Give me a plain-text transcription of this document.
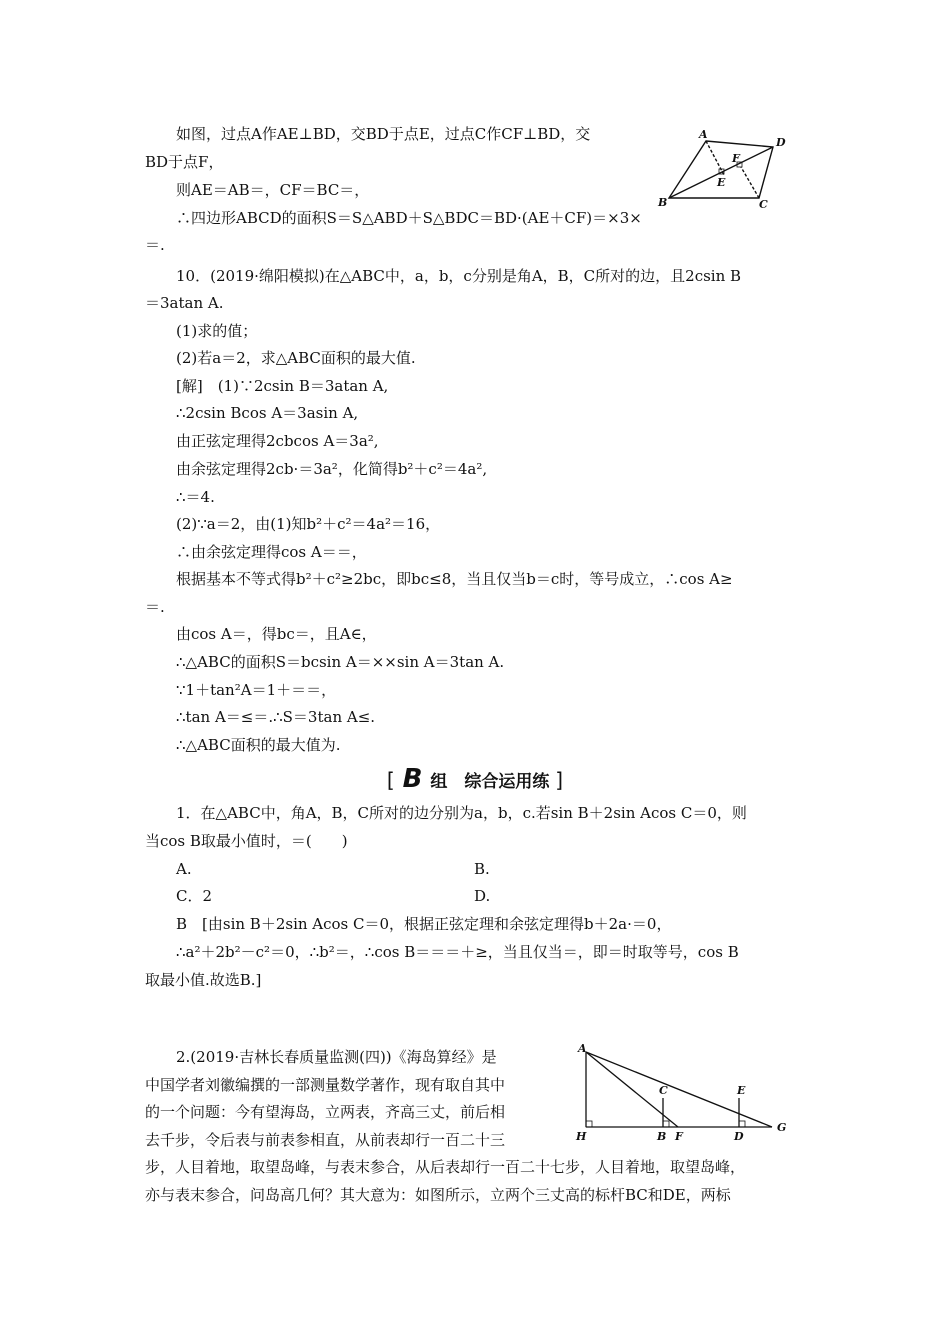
如图，过点A作AE⊥BD，交BD于点E，过点C作CF⊥BD，交
BD于点F，
则AE＝AB＝，CF＝BC＝，
∴四边形ABCD的面积S＝S△ABD＋S△BDC＝BD·(AE＋CF)＝×3×
＝.
A
D
F
E
B	C
10．(2019·绵阳模拟)在△ABC中，a，b，c分别是角A，B，C所对的边，且2csin B
＝3atan A.
(1)求的值；
(2)若a＝2，求△ABC面积的最大值.
[解]　(1)∵2csin B＝3atan A,
∴2csin Bcos A＝3asin A,
由正弦定理得2cbcos A＝3a²,
由余弦定理得2cb·＝3a²，化简得b²＋c²＝4a²,
∴＝4.
(2)∵a＝2，由(1)知b²＋c²＝4a²＝16，
∴由余弦定理得cos A＝＝，
根据基本不等式得b²＋c²≥2bc，即bc≤8，当且仅当b＝c时，等号成立，∴cos A≥
＝.
由cos A＝，得bc＝，且A∈，
∴△ABC的面积S＝bcsin A＝××sin A＝3tan A.
∵1＋tan²A＝1＋＝＝，
∴tan A＝≤＝.∴S＝3tan A≤.
∴△ABC面积的最大值为.
[ B 组　综合运用练 ]
1．在△ABC中，角A，B，C所对的边分别为a，b，c.若sin B＋2sin Acos C＝0，则
当cos B取最小值时，＝(　　)
A.	B.
C．2	D.
B　[由sin B＋2sin Acos C＝0，根据正弦定理和余弦定理得b＋2a·＝0，
∴a²＋2b²－c²＝0，∴b²＝，∴cos B＝＝＝＋≥，当且仅当＝，即＝时取等号，cos B
取最小值.故选B.]
2.(2019·吉林长春质量监测(四))《海岛算经》是
中国学者刘徽编撰的一部测量数学著作，现有取自其中
的一个问题：今有望海岛，立两表，齐高三丈，前后相
去千步，令后表与前表参相直，从前表却行一百二十三
步，人目着地，取望岛峰，与表末参合，从后表却行一百二十七步，人目着地，取望岛峰，
亦与表末参合，问岛高几何？其大意为：如图所示，立两个三丈高的标杆BC和DE，两标
A
C	E
G
H	B F	D
